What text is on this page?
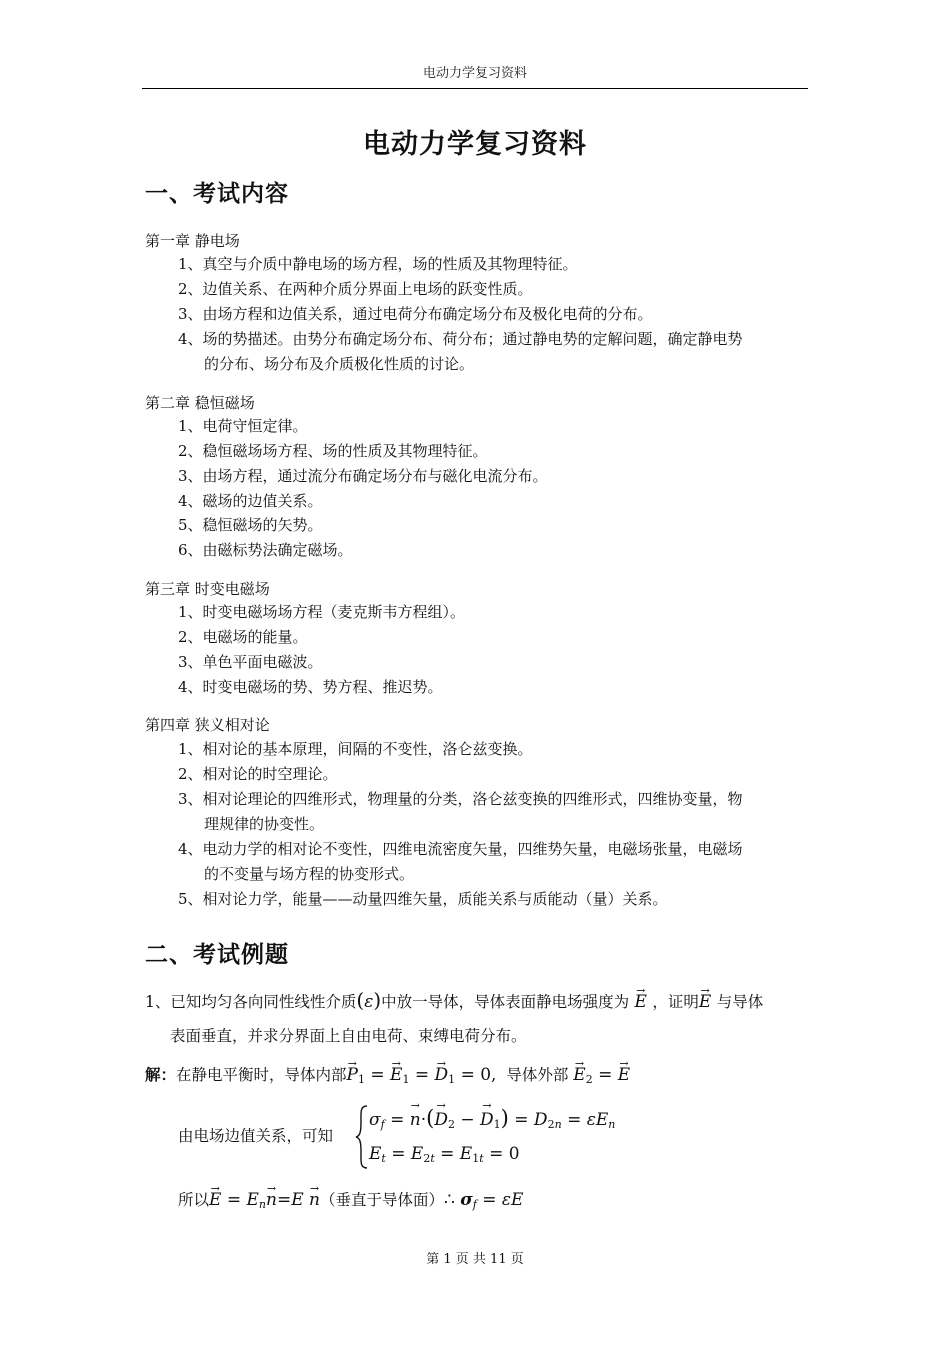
电动力学复习资料
电动力学复习资料
一、考试内容
第一章 静电场
1、真空与介质中静电场的场方程，场的性质及其物理特征。
2、边值关系、在两种介质分界面上电场的跃变性质。
3、由场方程和边值关系，通过电荷分布确定场分布及极化电荷的分布。
4、场的势描述。由势分布确定场分布、荷分布；通过静电势的定解问题，确定静电势
的分布、场分布及介质极化性质的讨论。
第二章 稳恒磁场
1、电荷守恒定律。
2、稳恒磁场场方程、场的性质及其物理特征。
3、由场方程，通过流分布确定场分布与磁化电流分布。
4、磁场的边值关系。
5、稳恒磁场的矢势。
6、由磁标势法确定磁场。
第三章 时变电磁场
1、时变电磁场场方程（麦克斯韦方程组）。
2、电磁场的能量。
3、单色平面电磁波。
4、时变电磁场的势、势方程、推迟势。
第四章 狭义相对论
1、相对论的基本原理，间隔的不变性，洛仑兹变换。
2、相对论的时空理论。
3、相对论理论的四维形式，物理量的分类，洛仑兹变换的四维形式，四维协变量，物
理规律的协变性。
4、电动力学的相对论不变性，四维电流密度矢量，四维势矢量，电磁场张量，电磁场
的不变量与场方程的协变形式。
5、相对论力学，能量——动量四维矢量，质能关系与质能动（量）关系。
二、考试例题
1、已知均匀各向同性线性介质(ε)中放一导体，导体表面静电场强度为 → E ，证明→ E 与导体
表面垂直，并求分界面上自由电荷、束缚电荷分布。
解：在静电平衡时，导体内部→ $P_1$ = → $E_1$ = → $D_1 = 0$, 导体外部 → $E_2$ = → E
由电场边值关系，可知
$\sigma_f$ = → $n\cdot(\to D_2$ − → $D_1) = D_{2n} = \varepsilon E_n$
$E_t = E_{2t} = E_{1t} = 0$
所以→ $E = E_n\to n=E \to n$（垂直于导体面）∴ $\sigma_f = \varepsilon E$
第 1 页 共 11 页
